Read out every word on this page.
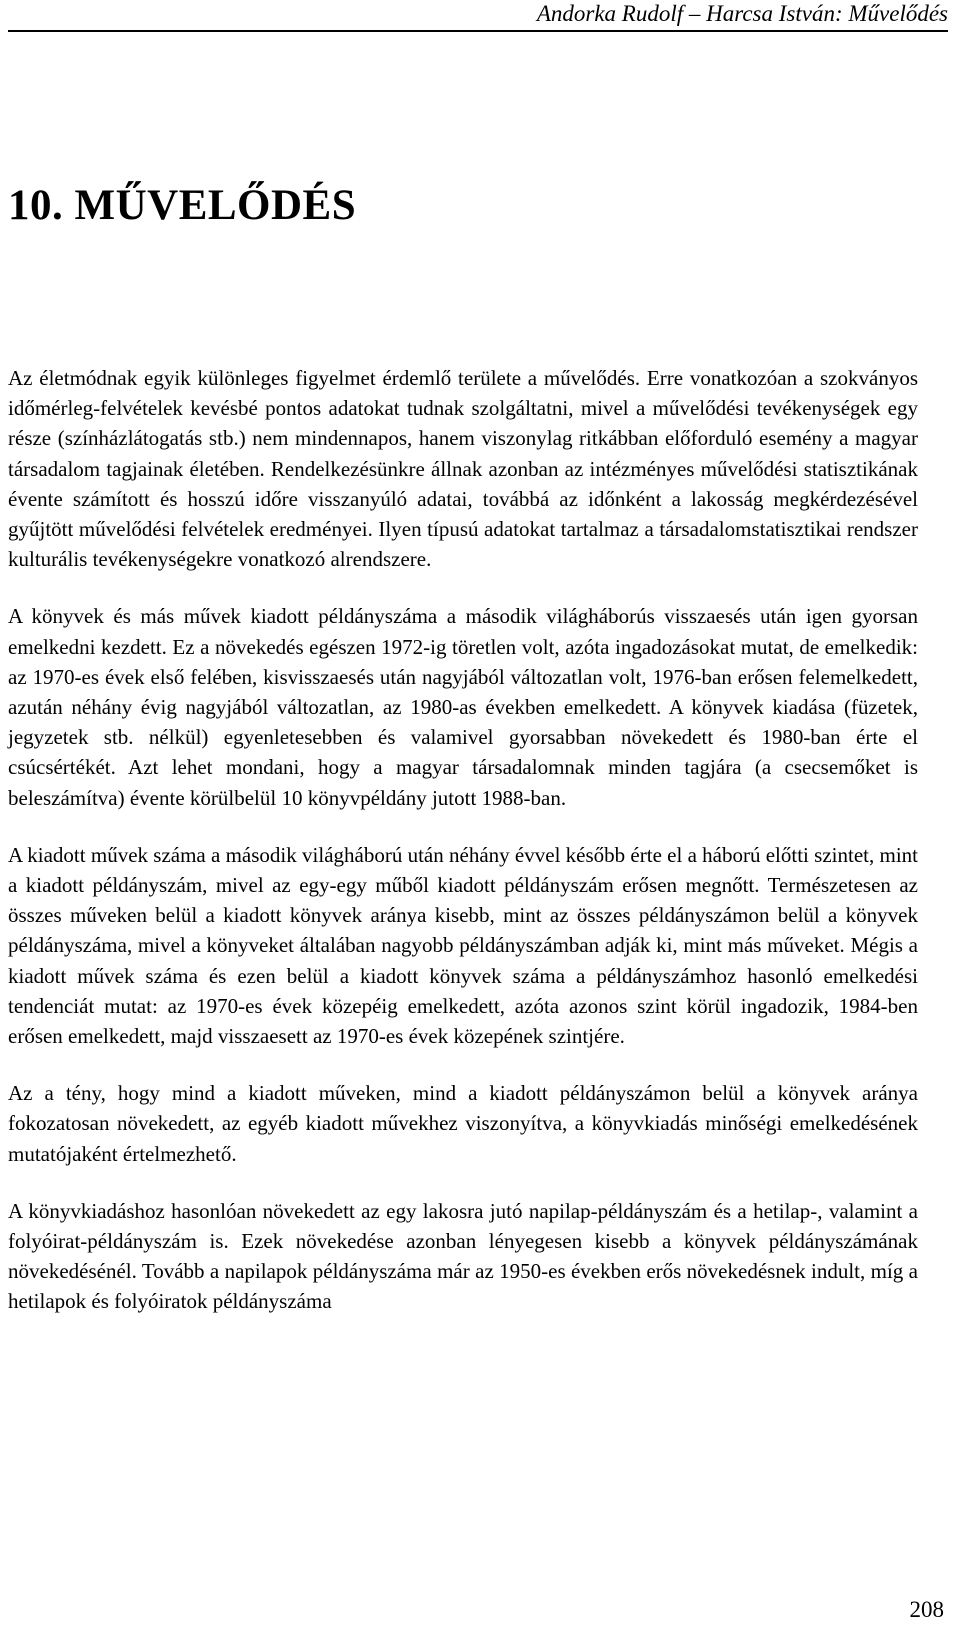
Andorka Rudolf – Harcsa István: Művelődés
10. MŰVELŐDÉS

Az életmódnak egyik különleges figyelmet érdemlő területe a művelődés. Erre vonatkozóan a szokványos időmérleg-felvételek kevésbé pontos adatokat tudnak szolgáltatni, mivel a művelődési tevékenységek egy része (színházlátogatás stb.) nem mindennapos, hanem viszonylag ritkábban előforduló esemény a magyar társadalom tagjainak életében. Rendelkezésünkre állnak azonban az intézményes művelődési statisztikának évente számított és hosszú időre visszanyúló adatai, továbbá az időnként a lakosság megkérdezésével gyűjtött művelődési felvételek eredményei. Ilyen típusú adatokat tartalmaz a társadalomstatisztikai rendszer kulturális tevékenységekre vonatkozó alrendszere.

A könyvek és más művek kiadott példányszáma a második világháborús visszaesés után igen gyorsan emelkedni kezdett. Ez a növekedés egészen 1972-ig töretlen volt, azóta ingadozásokat mutat, de emelkedik: az 1970-es évek első felében, kisvisszaesés után nagyjából változatlan volt, 1976-ban erősen felemelkedett, azután néhány évig nagyjából változatlan, az 1980-as években emelkedett. A könyvek kiadása (füzetek, jegyzetek stb. nélkül) egyenletesebben és valamivel gyorsabban növekedett és 1980-ban érte el csúcsértékét. Azt lehet mondani, hogy a magyar társadalomnak minden tagjára (a csecsemőket is beleszámítva) évente körülbelül 10 könyvpéldány jutott 1988-ban.

A kiadott művek száma a második világháború után néhány évvel később érte el a háború előtti szintet, mint a kiadott példányszám, mivel az egy-egy műből kiadott példányszám erősen megnőtt. Természetesen az összes műveken belül a kiadott könyvek aránya kisebb, mint az összes példányszámon belül a könyvek példányszáma, mivel a könyveket általában nagyobb példányszámban adják ki, mint más műveket. Mégis a kiadott művek száma és ezen belül a kiadott könyvek száma a példányszámhoz hasonló emelkedési tendenciát mutat: az 1970-es évek közepéig emelkedett, azóta azonos szint körül ingadozik, 1984-ben erősen emelkedett, majd visszaesett az 1970-es évek közepének szintjére.

Az a tény, hogy mind a kiadott műveken, mind a kiadott példányszámon belül a könyvek aránya fokozatosan növekedett, az egyéb kiadott művekhez viszonyítva, a könyvkiadás minőségi emelkedésének mutatójaként értelmezhető.

A könyvkiadáshoz hasonlóan növekedett az egy lakosra jutó napilap-példányszám és a hetilap-, valamint a folyóirat-példányszám is. Ezek növekedése azonban lényegesen kisebb a könyvek példányszámának növekedésénél. Tovább a napilapok példányszáma már az 1950-es években erős növekedésnek indult, míg a hetilapok és folyóiratok példányszáma

208
